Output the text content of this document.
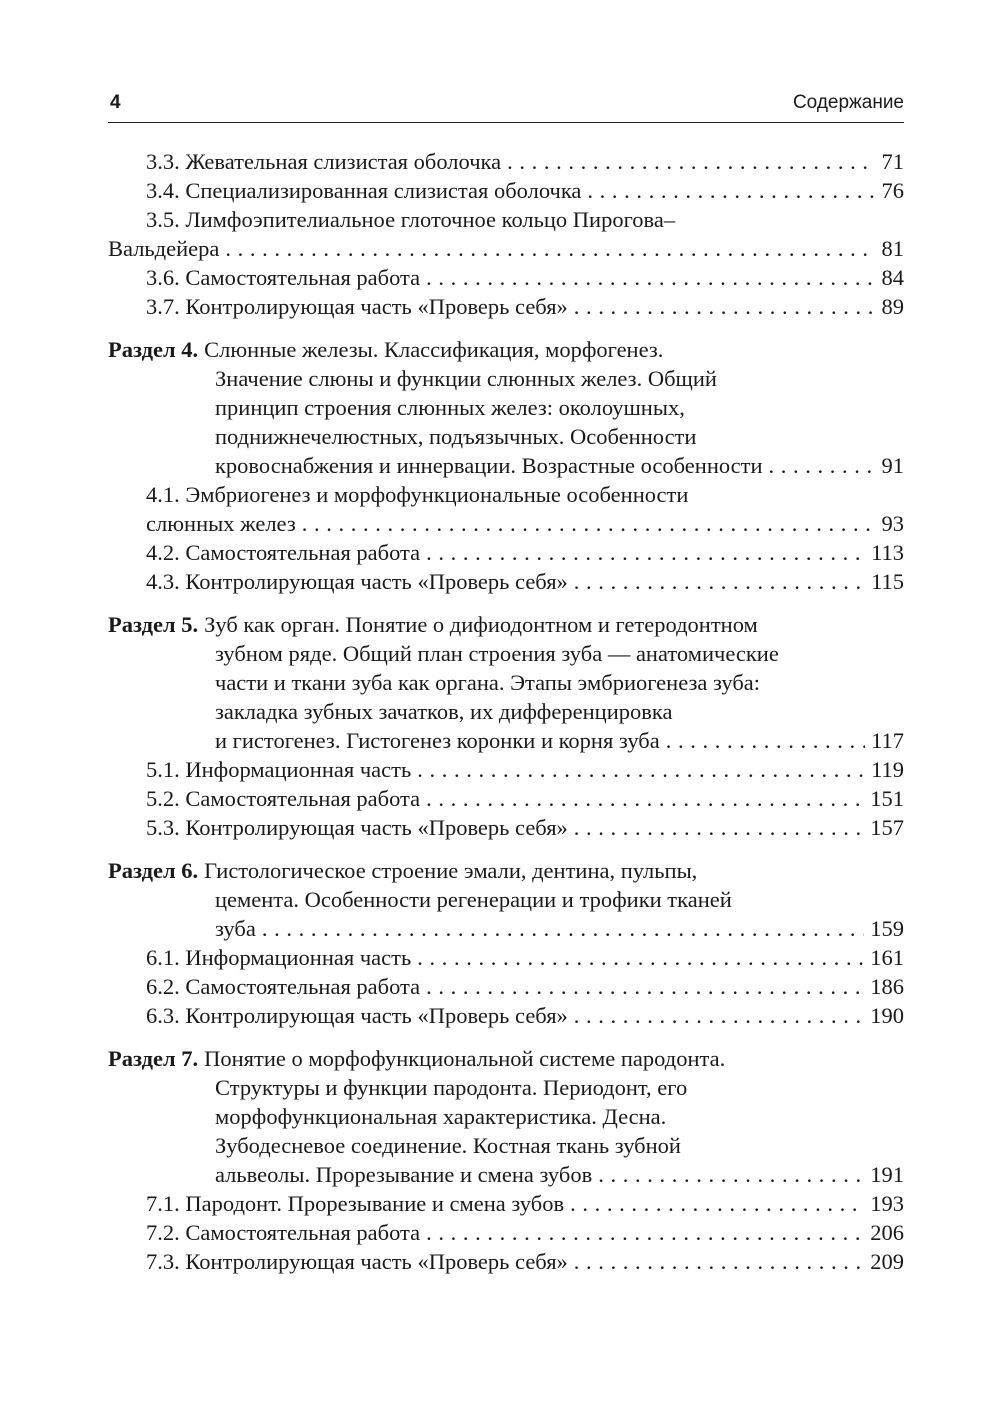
4	Содержание
3.3. Жевательная слизистая оболочка . . .	71
3.4. Специализированная слизистая оболочка . . .	76
3.5. Лимфоэпителиальное глоточное кольцо Пирогова–
Вальдейера . . .	81
3.6. Самостоятельная работа . . .	84
3.7. Контролирующая часть «Проверь себя» . . .	89
Раздел 4. Слюнные железы. Классификация, морфогенез.
Значение слюны и функции слюнных желез. Общий
принцип строения слюнных желез: околоушных,
поднижнечелюстных, подъязычных. Особенности
кровоснабжения и иннервации. Возрастные особенности . . .	91
4.1. Эмбриогенез и морфофункциональные особенности
слюнных желез . . .	93
4.2. Самостоятельная работа . . .	113
4.3. Контролирующая часть «Проверь себя» . . .	115
Раздел 5. Зуб как орган. Понятие о дифиодонтном и гетеродонтном
зубном ряде. Общий план строения зуба — анатомические
части и ткани зуба как органа. Этапы эмбриогенеза зуба:
закладка зубных зачатков, их дифференцировка
и гистогенез. Гистогенез коронки и корня зуба . . .	117
5.1. Информационная часть . . .	119
5.2. Самостоятельная работа . . .	151
5.3. Контролирующая часть «Проверь себя» . . .	157
Раздел 6. Гистологическое строение эмали, дентина, пульпы,
цемента. Особенности регенерации и трофики тканей
зуба . . .	159
6.1. Информационная часть . . .	161
6.2. Самостоятельная работа . . .	186
6.3. Контролирующая часть «Проверь себя» . . .	190
Раздел 7. Понятие о морфофункциональной системе пародонта.
Структуры и функции пародонта. Периодонт, его
морфофункциональная характеристика. Десна.
Зубодесневое соединение. Костная ткань зубной
альвеолы. Прорезывание и смена зубов . . .	191
7.1. Пародонт. Прорезывание и смена зубов . . .	193
7.2. Самостоятельная работа . . .	206
7.3. Контролирующая часть «Проверь себя» . . .	209
